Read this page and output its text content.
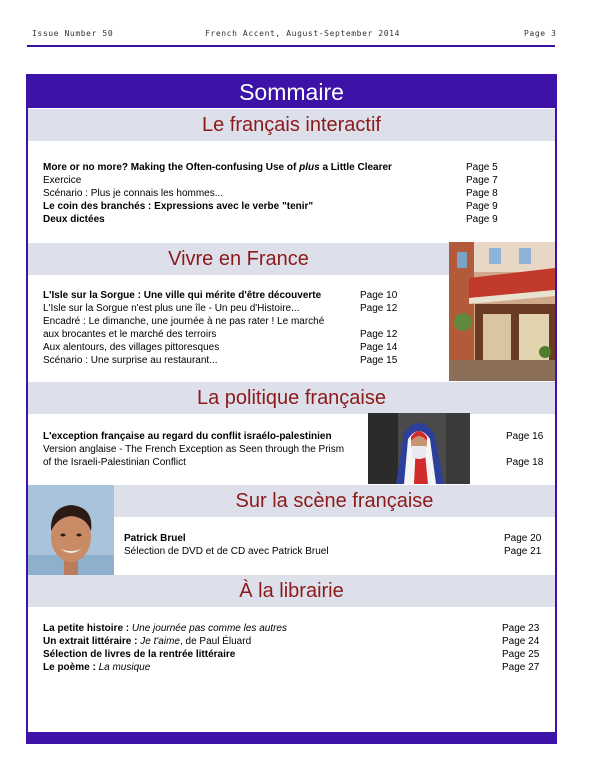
Issue Number 50	French Accent, August-September 2014	Page 3
Sommaire
Le français interactif
More or no more? Making the Often-confusing Use of plus a Little Clearer	Page 5
Exercice	Page 7
Scénario : Plus je connais les hommes...	Page 8
Le coin des branchés : Expressions avec le verbe "tenir"	Page 9
Deux dictées	Page 9
Vivre en France
L'Isle sur la Sorgue : Une ville qui mérite d'être découverte	Page 10
L'Isle sur la Sorgue n'est plus une île - Un peu d'Histoire...	Page 12
Encadré : Le dimanche, une journée à ne pas rater ! Le marché
aux brocantes et le marché des terroirs	Page 12
Aux alentours, des villages pittoresques	Page 14
Scénario : Une surprise au restaurant...	Page 15
La politique française
L'exception française au regard du conflit israélo-palestinien	Page 16
Version anglaise - The French Exception as Seen through the Prism
of the Israeli-Palestinian Conflict	Page 18
Sur la scène française
Patrick Bruel	Page 20
Sélection de DVD et de CD avec Patrick Bruel	Page 21
À la librairie
La petite histoire : Une journée pas comme les autres	Page 23
Un extrait littéraire : Je t'aime, de Paul Éluard	Page 24
Sélection de livres de la rentrée littéraire	Page 25
Le poème : La musique	Page 27
